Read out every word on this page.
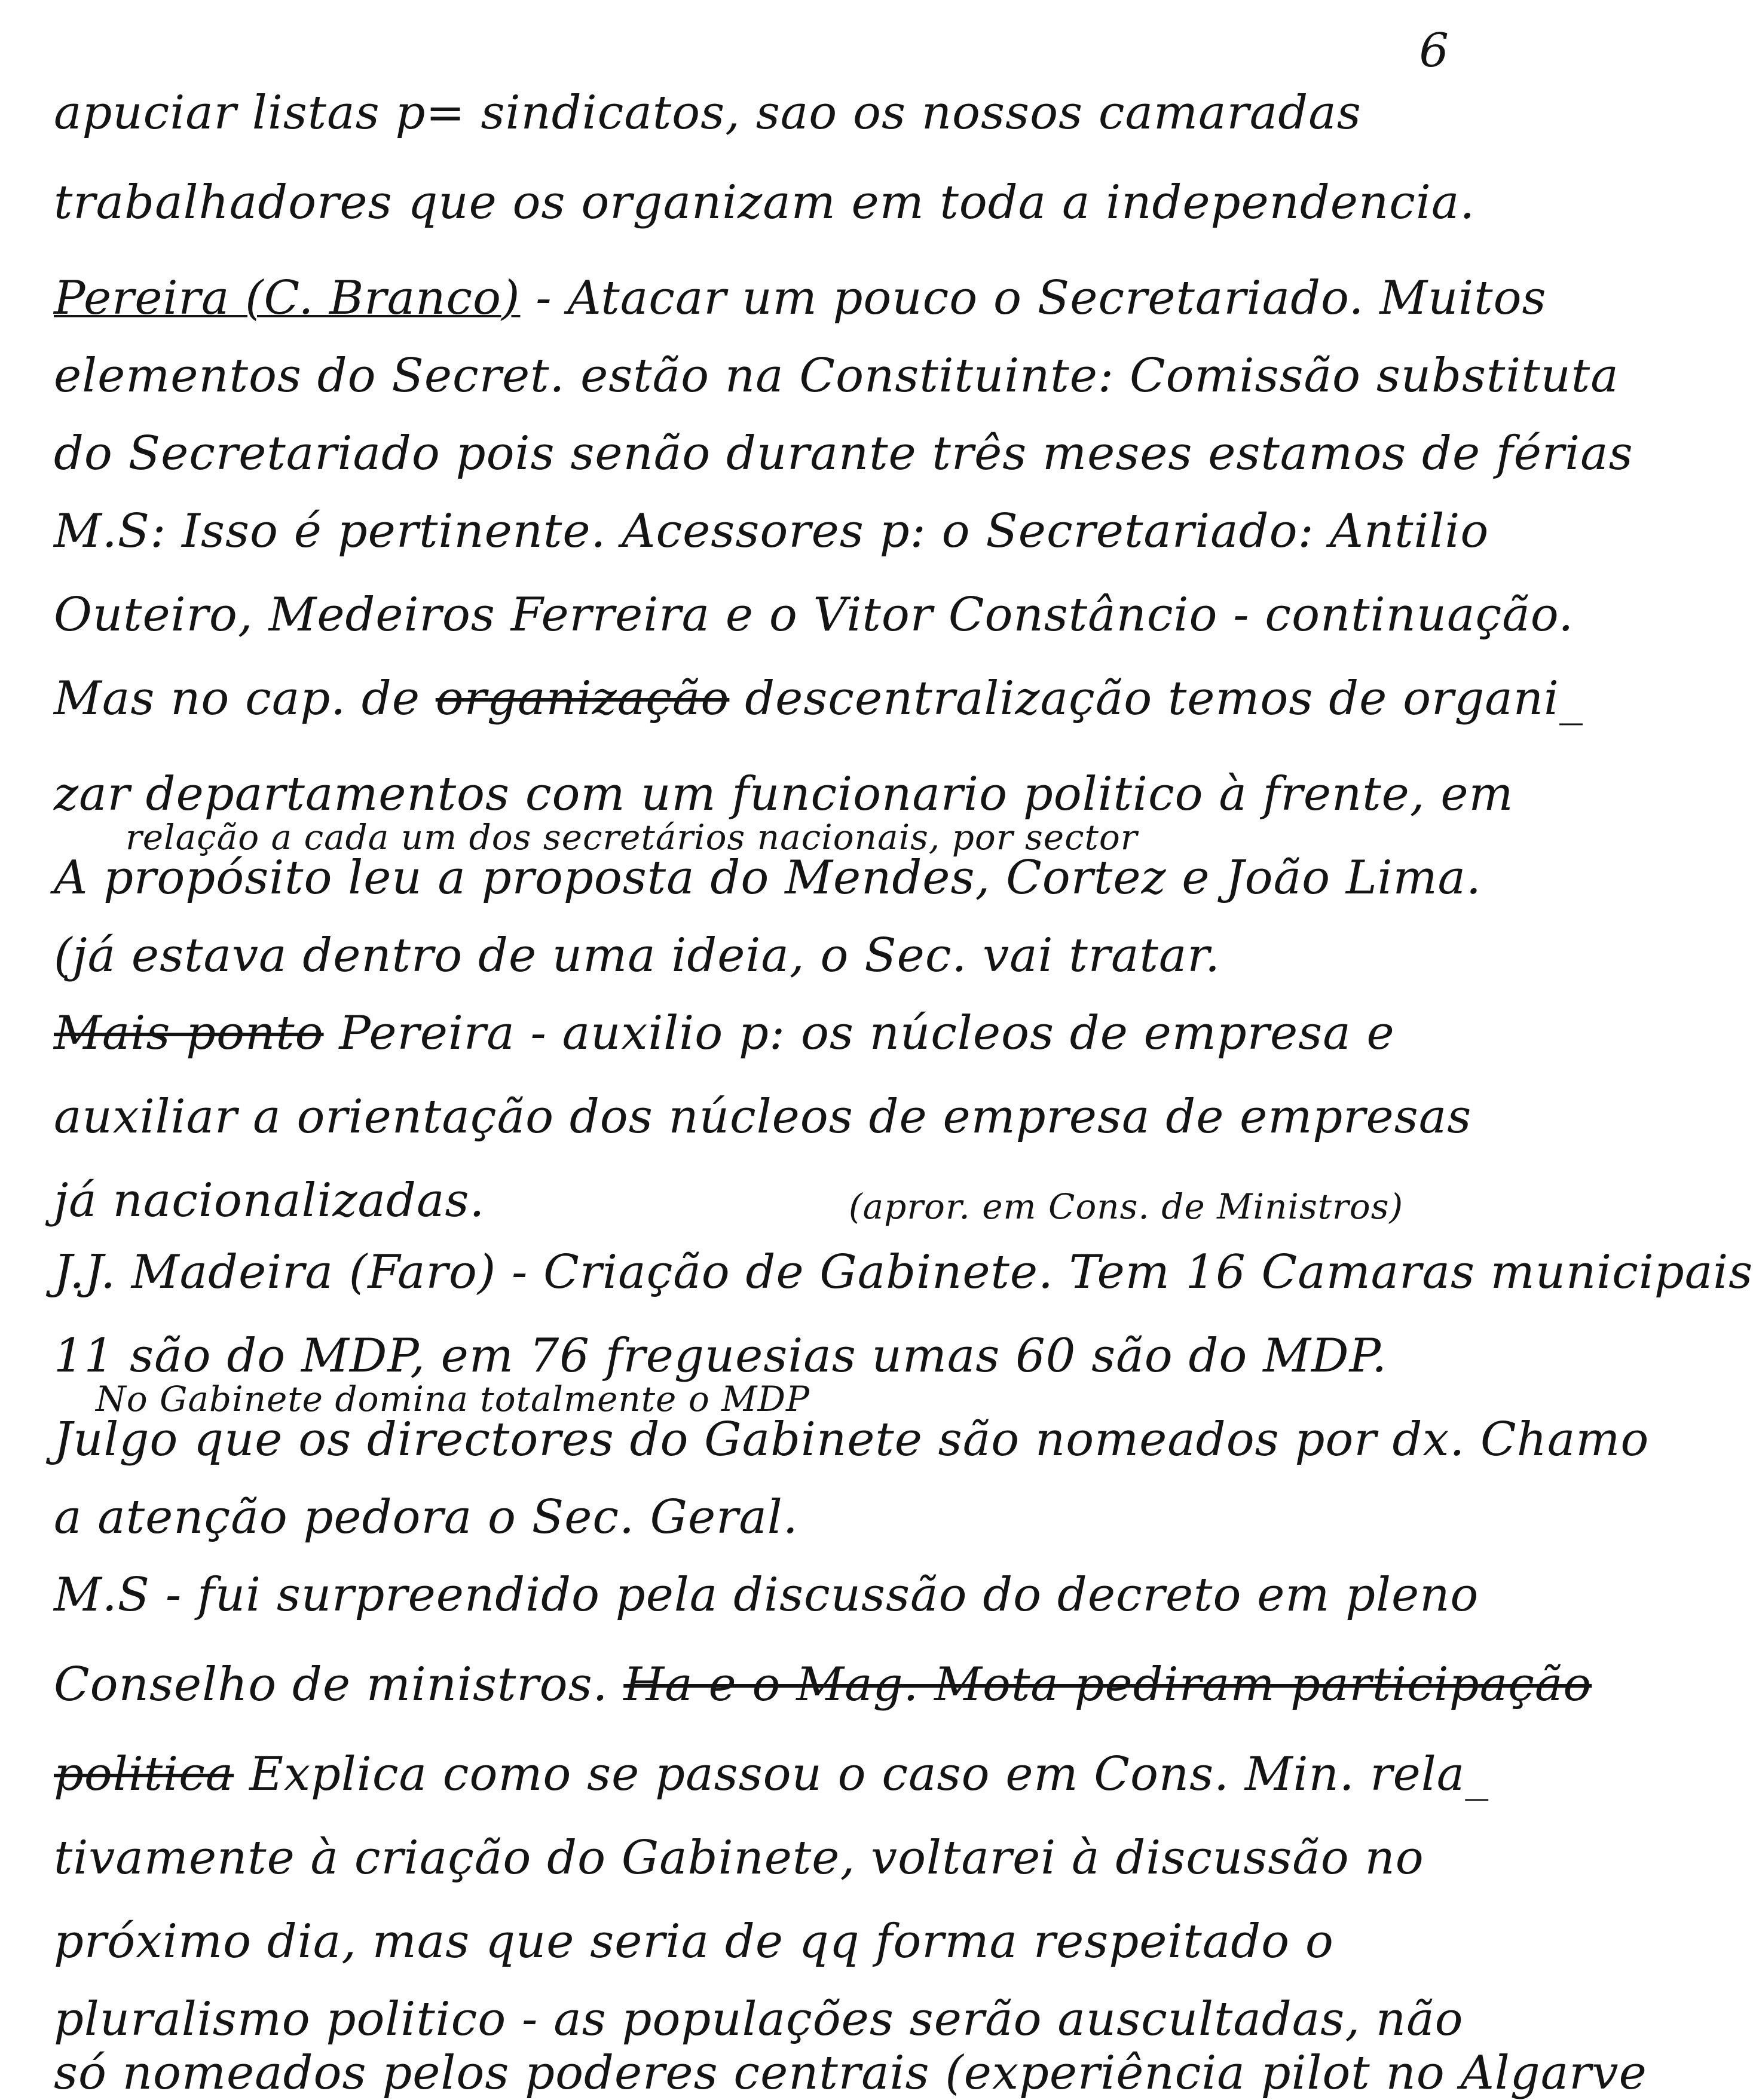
6
apuciar listas p= sindicatos, sao os nossos camaradas
trabalhadores que os organizam em toda a independencia.
Pereira (C. Branco) - Atacar um pouco o Secretariado. Muitos
elementos do Secret. estão na Constituinte: Comissão substituta
do Secretariado pois senão durante três meses estamos de férias
M.S: Isso é pertinente. Acessores p: o Secretariado: Antilio
Outeiro, Medeiros Ferreira e o Vitor Constâncio - continuação.
Mas no cap. de organização descentralização temos de organi_
zar departamentos com um funcionario politico à frente, em
relação a cada um dos secretários nacionais, por sector
A propósito leu a proposta do Mendes, Cortez e João Lima.
(já estava dentro de uma ideia, o Sec. vai tratar.
Mais ponto Pereira - auxilio p: os núcleos de empresa e
auxiliar a orientação dos núcleos de empresa de empresas
já nacionalizadas.	(apror. em Cons. de Ministros)
J.J. Madeira (Faro) - Criação de Gabinete. Tem 16 Camaras municipais
11 são do MDP, em 76 freguesias umas 60 são do MDP.
No Gabinete domina totalmente o MDP
Julgo que os directores do Gabinete são nomeados por dx. Chamo
a atenção pedora o Sec. Geral.
M.S - fui surpreendido pela discussão do decreto em pleno
Conselho de ministros. Ha e o Mag. Mota pediram participação
politica Explica como se passou o caso em Cons. Min. rela_
tivamente à criação do Gabinete, voltarei à discussão no
próximo dia, mas que seria de qq forma respeitado o
pluralismo politico - as populações serão auscultadas, não
só nomeados pelos poderes centrais (experiência pilot no Algarve
